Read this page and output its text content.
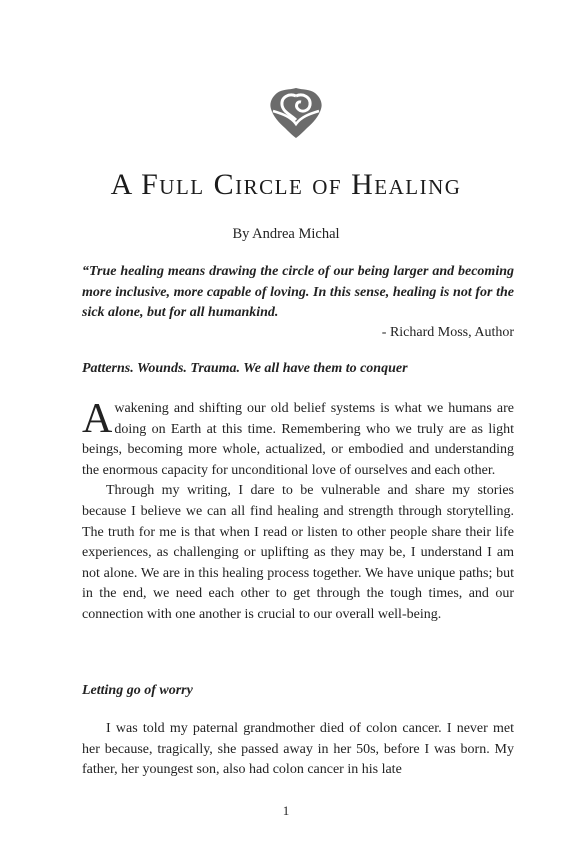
A Full Circle of Healing
By Andrea Michal
“True healing means drawing the circle of our being larger and becoming more inclusive, more capable of loving. In this sense, healing is not for the sick alone, but for all humankind.
- Richard Moss, Author
Patterns. Wounds. Trauma. We all have them to conquer

Awakening and shifting our old belief systems is what we humans are doing on Earth at this time. Remembering who we truly are as light beings, becoming more whole, actualized, or embodied and understanding the enormous capacity for unconditional love of ourselves and each other.

Through my writing, I dare to be vulnerable and share my stories because I believe we can all find healing and strength through storytelling. The truth for me is that when I read or listen to other people share their life experiences, as challenging or uplifting as they may be, I understand I am not alone. We are in this healing process together. We have unique paths; but in the end, we need each other to get through the tough times, and our connection with one another is crucial to our overall well-being.

Letting go of worry

I was told my paternal grandmother died of colon cancer. I never met her because, tragically, she passed away in her 50s, before I was born. My father, her youngest son, also had colon cancer in his late

1
